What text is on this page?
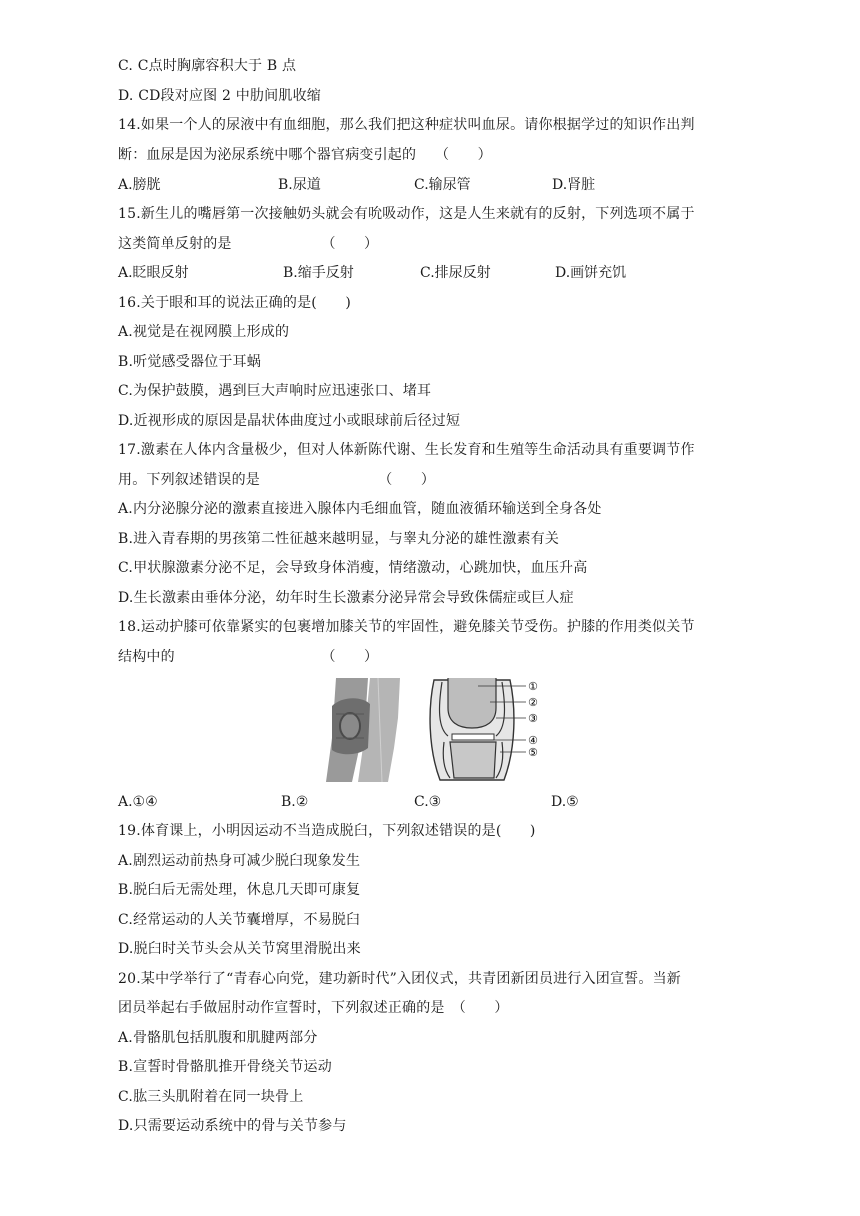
C. C点时胸廓容积大于 B 点
D. CD段对应图 2 中肋间肌收缩
14.如果一个人的尿液中有血细胞，那么我们把这种症状叫血尿。请你根据学过的知识作出判
断：血尿是因为泌尿系统中哪个器官病变引起的　 （　　）
A.膀胱	B.尿道	C.输尿管	D.肾脏
15.新生儿的嘴唇第一次接触奶头就会有吮吸动作，这是人生来就有的反射，下列选项不属于
这类简单反射的是　　　　　　 （　　）
A.眨眼反射	B.缩手反射	C.排尿反射	D.画饼充饥
16.关于眼和耳的说法正确的是(　　)
A.视觉是在视网膜上形成的
B.听觉感受器位于耳蜗
C.为保护鼓膜，遇到巨大声响时应迅速张口、堵耳
D.近视形成的原因是晶状体曲度过小或眼球前后径过短
17.激素在人体内含量极少，但对人体新陈代谢、生长发育和生殖等生命活动具有重要调节作
用。下列叙述错误的是　　　　　　　　 （　　）
A.内分泌腺分泌的激素直接进入腺体内毛细血管，随血液循环输送到全身各处
B.进入青春期的男孩第二性征越来越明显，与睾丸分泌的雄性激素有关
C.甲状腺激素分泌不足，会导致身体消瘦，情绪激动，心跳加快，血压升高
D.生长激素由垂体分泌，幼年时生长激素分泌异常会导致侏儒症或巨人症
18.运动护膝可依靠紧实的包裹增加膝关节的牢固性，避免膝关节受伤。护膝的作用类似关节
结构中的　　　　　　　　　　 （　　）
①
②
③
④
⑤
A.①④	B.②	C.③	D.⑤
19.体育课上，小明因运动不当造成脱臼，下列叙述错误的是(　　)
A.剧烈运动前热身可减少脱臼现象发生
B.脱臼后无需处理，休息几天即可康复
C.经常运动的人关节囊增厚，不易脱臼
D.脱臼时关节头会从关节窝里滑脱出来
20.某中学举行了“青春心向党，建功新时代”入团仪式，共青团新团员进行入团宣誓。当新
团员举起右手做屈肘动作宣誓时，下列叙述正确的是　（　　）
A.骨骼肌包括肌腹和肌腱两部分
B.宣誓时骨骼肌推开骨绕关节运动
C.肱三头肌附着在同一块骨上
D.只需要运动系统中的骨与关节参与
